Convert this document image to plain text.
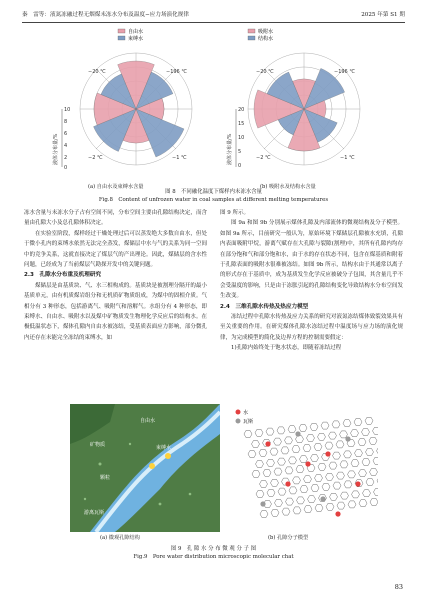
秦　雷等：液氮冻融过程无烟煤未冻水分布及温度−应力场演化规律	2025 年第 S1 期
10
8
6
4
2
0
−20 ℃	−196 ℃
−2 ℃	−1 ℃
液体分布量/%
自由水
束缚水
(a) 自由水及束缚水含量
20
15
10
5
0
−20 ℃	−196 ℃
−2 ℃	−1 ℃
液体分布量/%
吸附水
结构水
(b) 吸附水及结构水含量
图 8　不同融化温度下煤样内未冻水含量
Fig.8　Content of unfrozen water in coal samples at different melting temperatures

冻水含量与未冻水分子占有空间不同，分布空间主要由孔隙结构决定，而含量由孔隙大小及总孔隙体积决定。

在实验室阶段，煤样经过干燥处理过后可以蒸发绝大多数自由水，但处于微小孔内的束缚水依然无法完全蒸发，煤储层中水与气的关系为同一空间中的竞争关系，这就直接决定了煤层气的产出理论。因此，煤储层的含水性问题，已经成为了当前煤层气勘探开发中的关键问题。

2.3　孔隙水分布重及机理研究

煤储层是由基质块、气、水三相构成的。基质块是被割理分隔开的最小基质单元，由有机质煤岩组分和无机质矿物质组成，为煤中的固相介质。气相分有 3 种形态，包括游离气、吸附气和溶解气。水组分有 4 种形态，即束缚水、自由水、吸附水以及煤中矿物质发生物理化学反应后的结构水。在极低温状态下，煤体孔隙内自由水被冻结，受基质表面应力影响，部分微孔内还存在未能完全冻结的束缚水，如

图 9 所示。

图 9a 和图 9b 分别展示煤体孔隙及内部流体的微观结构及分子模型。如图 9a 所示，目前研究一般认为，原始环境下煤储层孔隙被水充填，孔隙内表面吸附甲烷，游离气赋存在大孔隙与裂隙(割理)中，其所有孔隙内均存在部分饱和气和部分饱和水，由于水的存在状态不同，包含在煤基质和附着于孔隙表面的吸附水很难被冻结。如图 9b 所示，结构水由于其通常以离子的形式存在于基质中，成为基质发生化学反应被破分子包围，其含量几乎不会受温度的影响，只是由于冻胀引起的孔隙结构变化导致结构水分布空间发生改变。

2.4　三维孔隙水传热及热应力模型

冻结过程中孔隙水传热及应力关系的研究对液氮冻结煤体致裂效果具有至关重要的作用。在研究煤体孔隙水冻结过程中温度场与应力场的演化规律，为完成模型的简化及边界方程的控制需要假定：

1)孔隙内始终处于饱水状态，即随着冻结过程

束缚水
自由水
矿物质
颗粒
游离瓦斯
(a) 微观孔隙结构
水
瓦斯
(b) 孔隙分子模型
图 9　孔 隙 水 分 布 微 观 分 子 图
Fig.9　Pore water distribution microscopic molecular chat
83
